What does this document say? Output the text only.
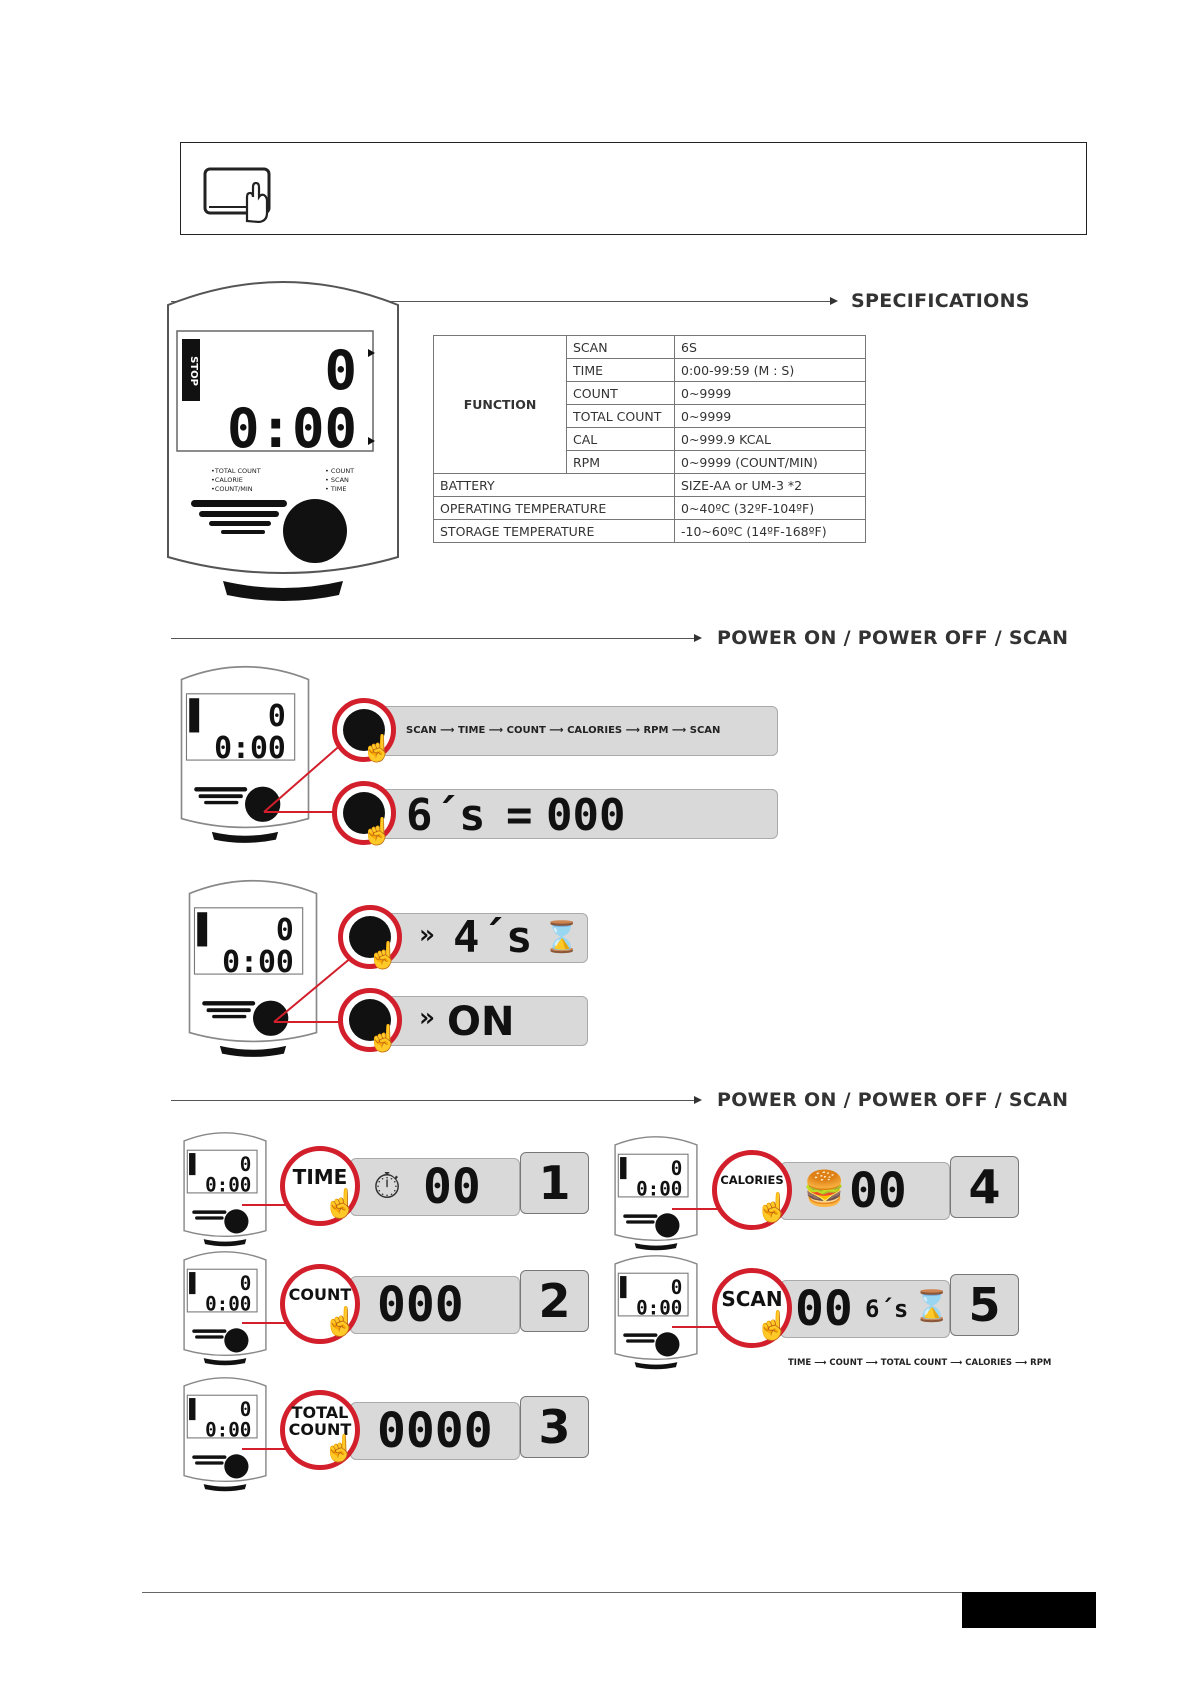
SPECIFICATIONS
STOP 0
0:00
•TOTAL COUNT
•CALORIE
•COUNT/MIN
• COUNT
• SCAN
• TIME
FUNCTION	SCAN	6S
	TIME	0:00-99:59 (M : S)
	COUNT	0~9999
	TOTAL COUNT	0~9999
	CAL	0~999.9 KCAL
	RPM	0~9999 (COUNT/MIN)
BATTERY		SIZE-AA or UM-3 *2
OPERATING TEMPERATURE		0~40ºC (32ºF-104ºF)
STORAGE TEMPERATURE		-10~60ºC (14ºF-168ºF)
POWER ON / POWER OFF / SCAN
0
0:00
SCAN ⟶ TIME ⟶ COUNT ⟶ CALORIES ⟶ RPM ⟶ SCAN
☝
6´s = 000
☝
0
0:00
» 4´s ⌛
☝
» ON
☝
POWER ON / POWER OFF / SCAN
0
0:00	⏱ 00
TIME
☝	1
0
0:00	000
COUNT
☝	2
0
0:00	0000
TOTAL
COUNT
☝	3
0
0:00	🍔 00
CALORIES
☝	4
0
0:00 00 6´s ⌛
SCAN
☝	5
TIME ⟶ COUNT ⟶ TOTAL COUNT ⟶ CALORIES ⟶ RPM
